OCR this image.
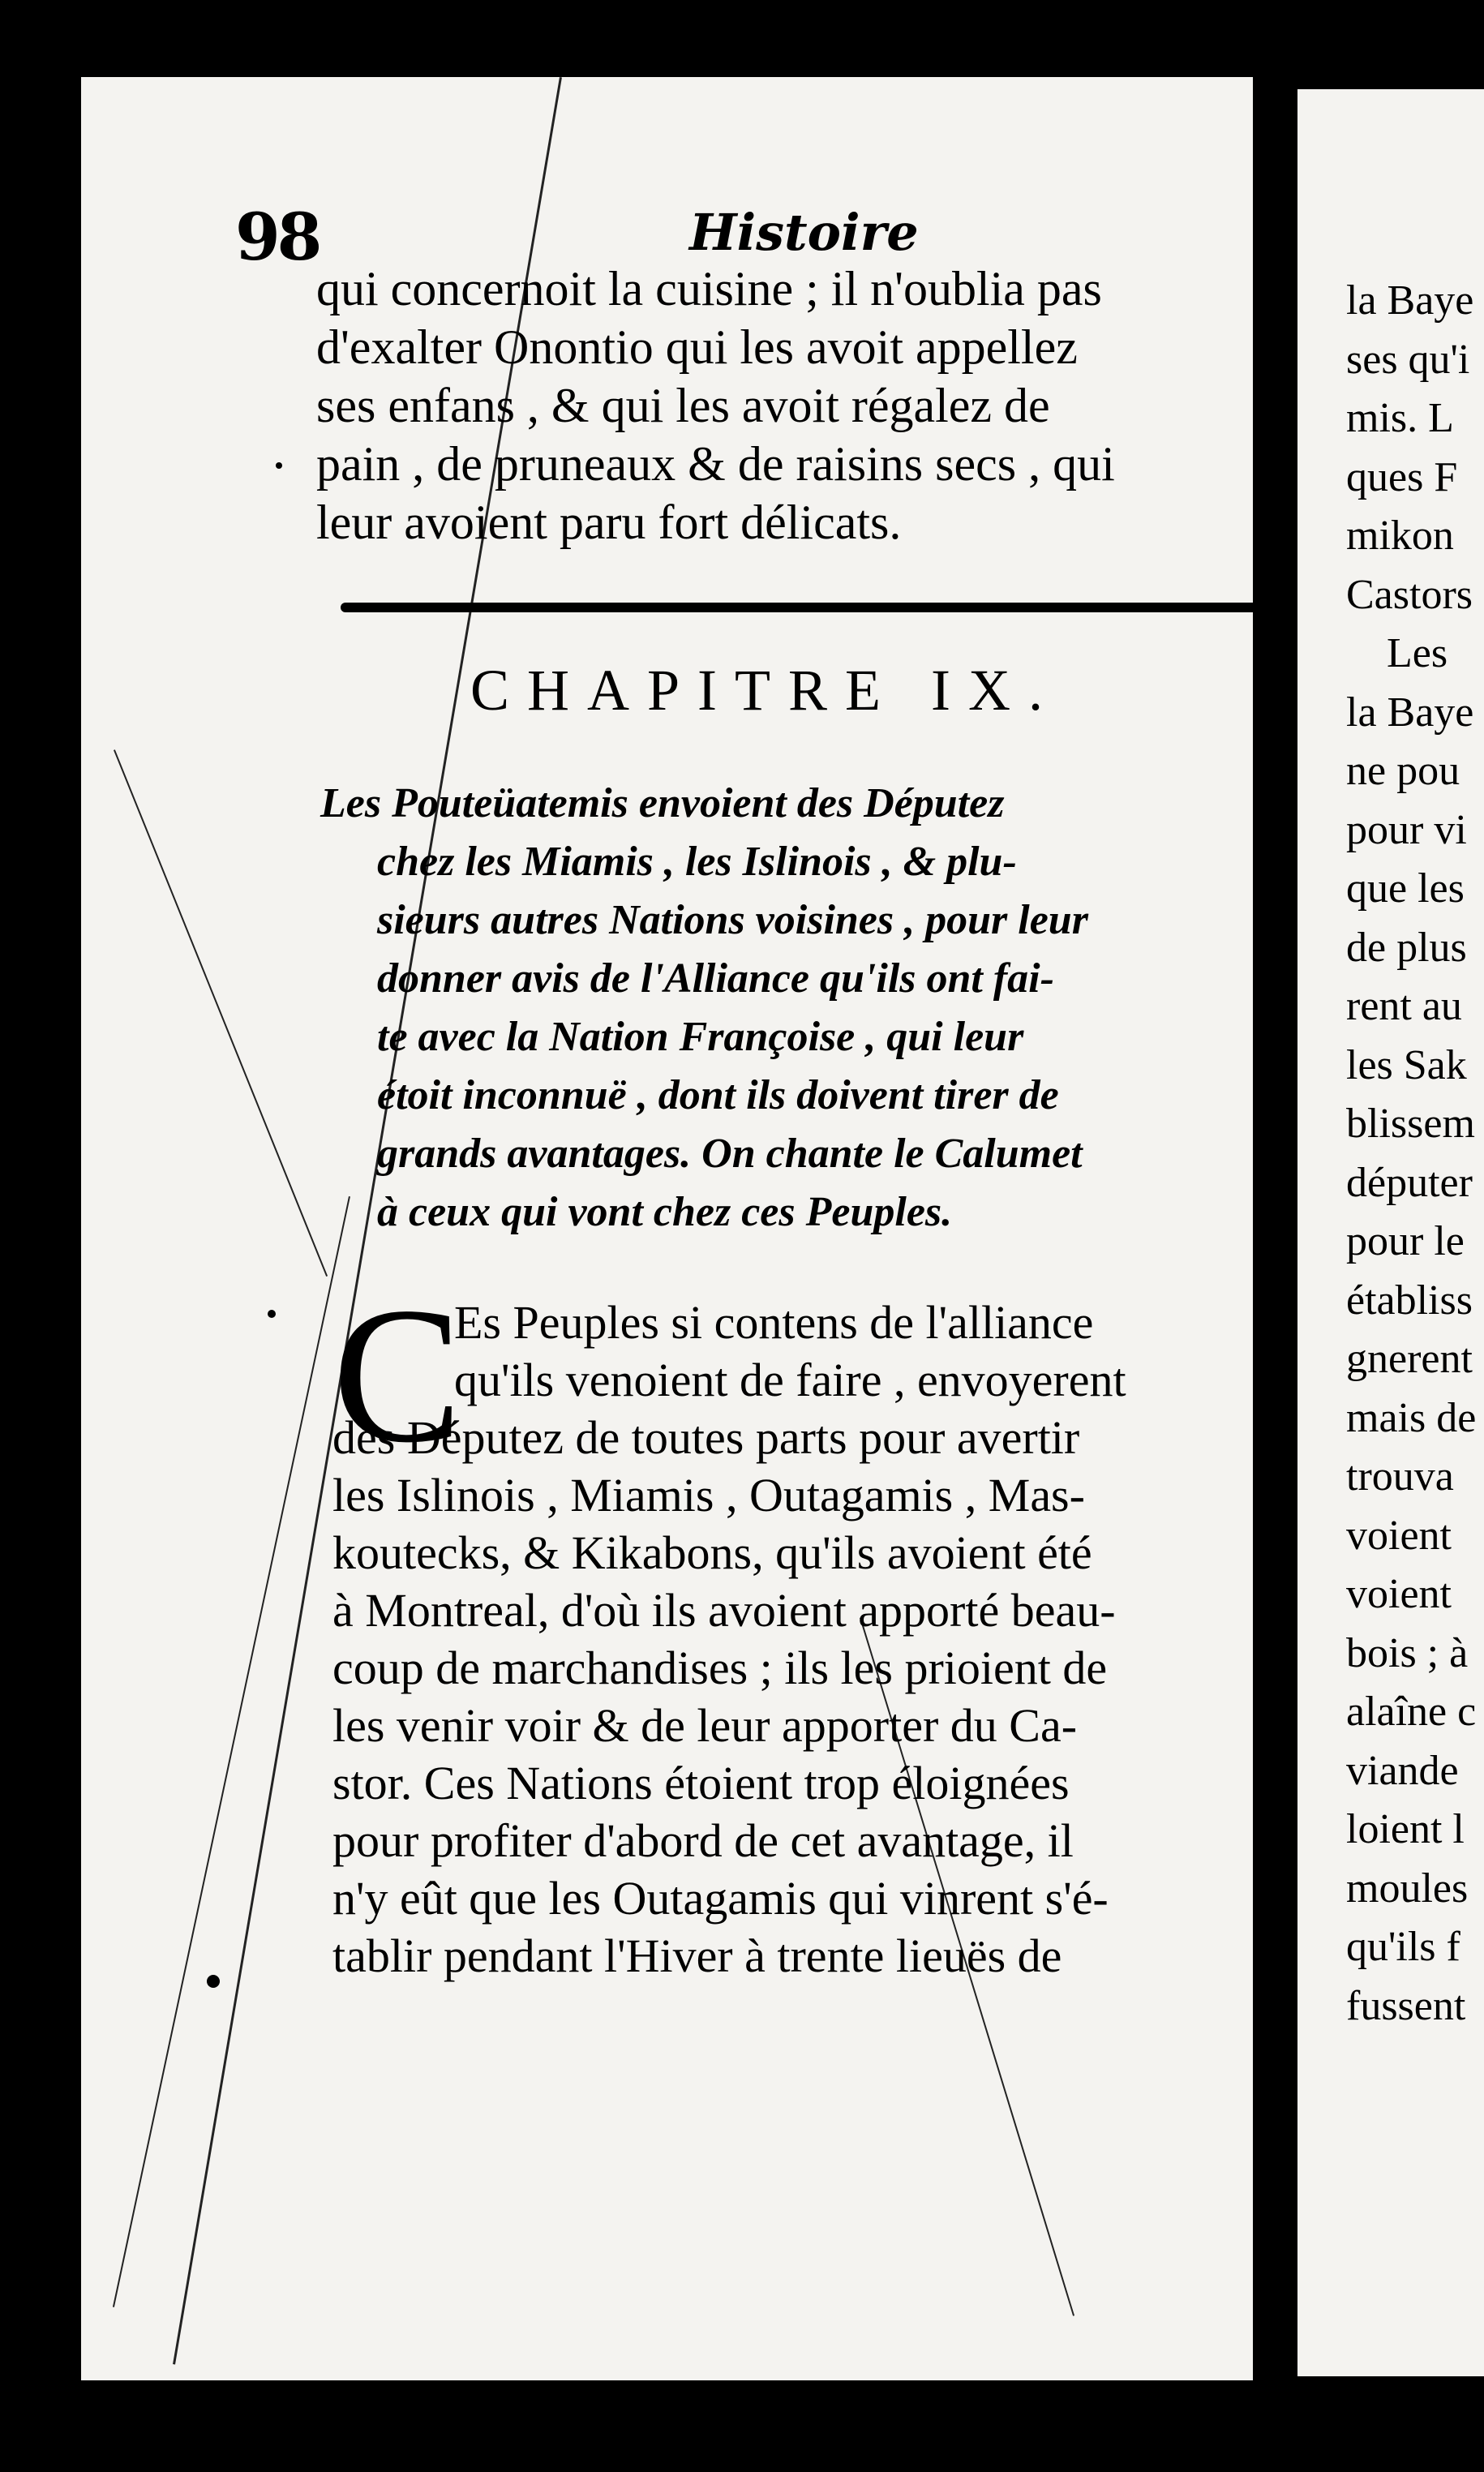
98	Histoire
qui concernoit la cuisine ; il n'oublia pas
d'exalter Onontio qui les avoit appellez
ses enfans , & qui les avoit régalez de
pain , de pruneaux & de raisins secs , qui
leur avoient paru fort délicats.
CHAPITRE IX.
Les Pouteüatemis envoient des Députez
chez les Miamis , les Islinois , & plu-
sieurs autres Nations voisines , pour leur
donner avis de l'Alliance qu'ils ont fai-
te avec la Nation Françoise , qui leur
étoit inconnuë , dont ils doivent tirer de
grands avantages. On chante le Calumet
à ceux qui vont chez ces Peuples.
C
Es Peuples si contens de l'alliance
qu'ils venoient de faire , envoyerent
des Députez de toutes parts pour avertir
les Islinois , Miamis , Outagamis , Mas-
koutecks, & Kikabons, qu'ils avoient été
à Montreal, d'où ils avoient apporté beau-
coup de marchandises ; ils les prioient de
les venir voir & de leur apporter du Ca-
stor. Ces Nations étoient trop éloignées
pour profiter d'abord de cet avantage, il
n'y eût que les Outagamis qui vinrent s'é-
tablir pendant l'Hiver à trente lieuës de
la Baye
ses qu'i
mis. L
ques F
mikon
Castors
Les
la Baye
ne pou
pour vi
que les
de plus
rent au
les Sak
blissem
députer
pour le
établiss
gnerent
mais de
trouva
voient
voient
bois ; à
alaîne c
viande
loient l
moules
qu'ils f
fussent
